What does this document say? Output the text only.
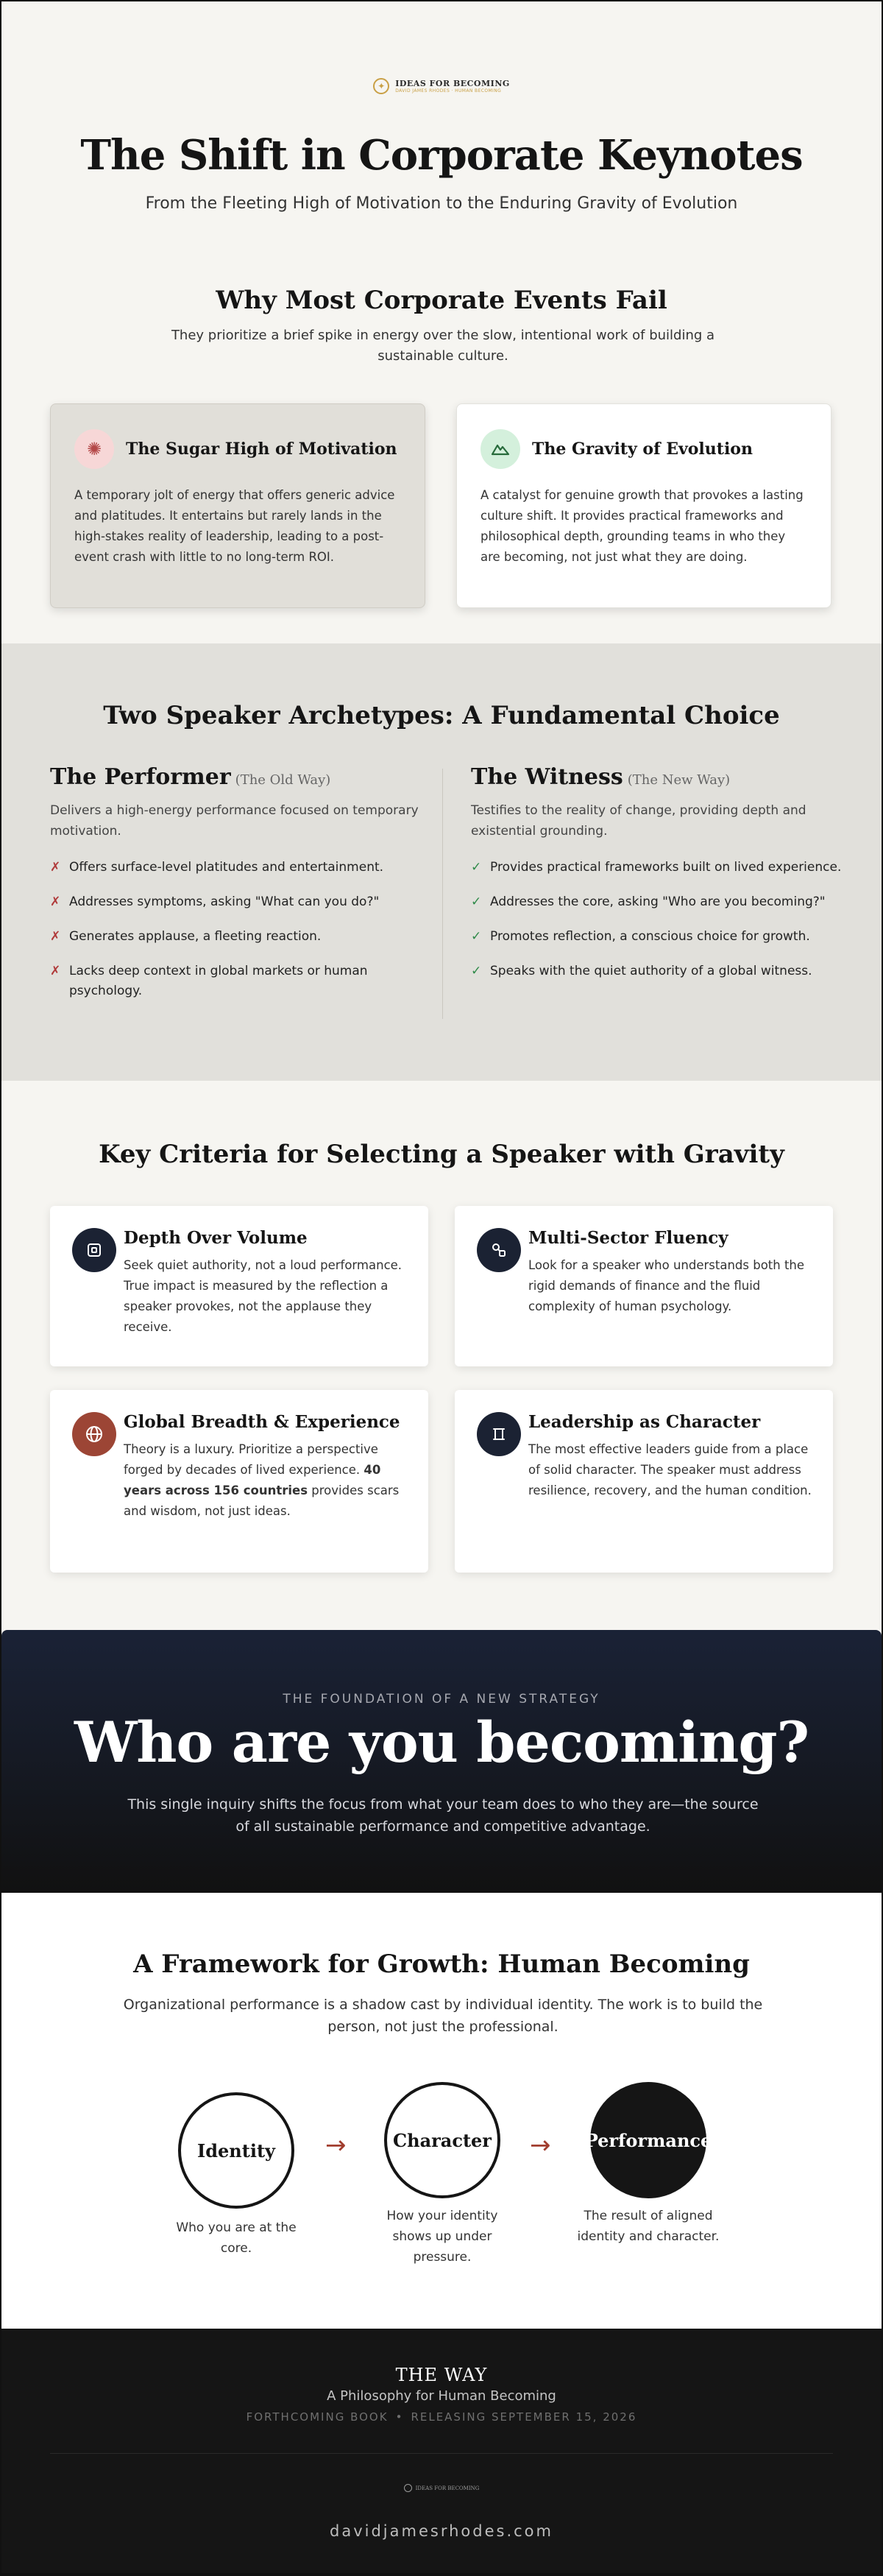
✦	IDEAS FOR BECOMING
DAVID JAMES RHODES · HUMAN BECOMING
The Shift in Corporate Keynotes
From the Fleeting High of Motivation to the Enduring Gravity of Evolution
Why Most Corporate Events Fail
They prioritize a brief spike in energy over the slow, intentional work of building a sustainable culture.
✺	The Sugar High of Motivation
A temporary jolt of energy that offers generic advice and platitudes. It entertains but rarely lands in the high-stakes reality of leadership, leading to a post-event crash with little to no long-term ROI.
The Gravity of Evolution
A catalyst for genuine growth that provokes a lasting culture shift. It provides practical frameworks and philosophical depth, grounding teams in who they are becoming, not just what they are doing.
Two Speaker Archetypes: A Fundamental Choice
The Performer (The Old Way)
Delivers a high-energy performance focused on temporary motivation.
✗ Offers surface-level platitudes and entertainment.
✗ Addresses symptoms, asking "What can you do?"
✗ Generates applause, a fleeting reaction.
✗ Lacks deep context in global markets or human psychology.
The Witness (The New Way)
Testifies to the reality of change, providing depth and existential grounding.
✓ Provides practical frameworks built on lived experience.
✓ Addresses the core, asking "Who are you becoming?"
✓ Promotes reflection, a conscious choice for growth.
✓ Speaks with the quiet authority of a global witness.
Key Criteria for Selecting a Speaker with Gravity
Depth Over Volume
Seek quiet authority, not a loud performance. True impact is measured by the reflection a speaker provokes, not the applause they receive.
Multi-Sector Fluency
Look for a speaker who understands both the rigid demands of finance and the fluid complexity of human psychology.
Global Breadth & Experience
Theory is a luxury. Prioritize a perspective forged by decades of lived experience. 40 years across 156 countries provides scars and wisdom, not just ideas.
Leadership as Character
The most effective leaders guide from a place of solid character. The speaker must address resilience, recovery, and the human condition.
THE FOUNDATION OF A NEW STRATEGY
Who are you becoming?
This single inquiry shifts the focus from what your team does to who they are—the source of all sustainable performance and competitive advantage.
A Framework for Growth: Human Becoming
Organizational performance is a shadow cast by individual identity. The work is to build the person, not just the professional.
Identity	→	Character	→ Performance
Who you are at the core.
How your identity shows up under pressure.
The result of aligned identity and character.
THE WAY
A Philosophy for Human Becoming
FORTHCOMING BOOK • RELEASING SEPTEMBER 15, 2026
IDEAS FOR BECOMING
davidjamesrhodes.com
